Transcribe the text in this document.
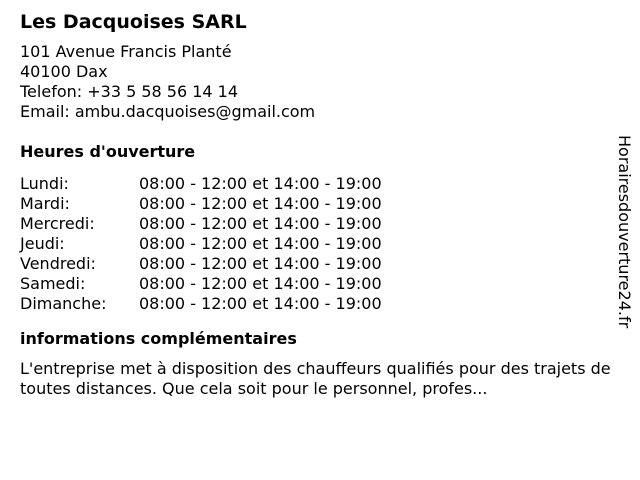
Les Dacquoises SARL
101 Avenue Francis Planté
40100 Dax
Telefon: +33 5 58 56 14 14
Email: ambu.dacquoises@gmail.com
Heures d'ouverture
Lundi:	08:00 - 12:00 et 14:00 - 19:00
Mardi:	08:00 - 12:00 et 14:00 - 19:00
Mercredi:	08:00 - 12:00 et 14:00 - 19:00
Jeudi:	08:00 - 12:00 et 14:00 - 19:00
Vendredi:	08:00 - 12:00 et 14:00 - 19:00
Samedi:	08:00 - 12:00 et 14:00 - 19:00
Dimanche:	08:00 - 12:00 et 14:00 - 19:00
informations complémentaires
L'entreprise met à disposition des chauffeurs qualifiés pour des trajets de toutes distances. Que cela soit pour le personnel, profes...
Horairesdouverture24.fr
